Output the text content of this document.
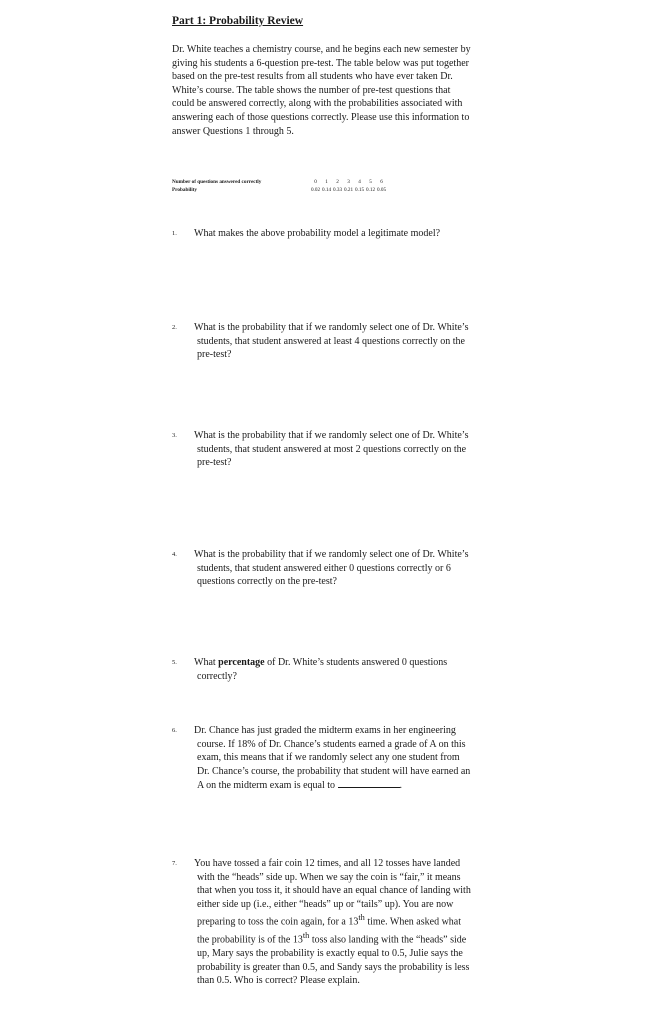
Part 1: Probability Review
Dr. White teaches a chemistry course, and he begins each new semester by giving his students a 6-question pre-test. The table below was put together based on the pre-test results from all students who have ever taken Dr. White’s course. The table shows the number of pre-test questions that could be answered correctly, along with the probabilities associated with answering each of those questions correctly. Please use this information to answer Questions 1 through 5.
Number of questions answered correctly	0	1	2	3	4	5	6
Probability	0.02	0.14	0.33	0.21	0.15	0.12	0.05
1. What makes the above probability model a legitimate model?
2. What is the probability that if we randomly select one of Dr. White’s students, that student answered at least 4 questions correctly on the pre-test?
3. What is the probability that if we randomly select one of Dr. White’s students, that student answered at most 2 questions correctly on the pre-test?
4. What is the probability that if we randomly select one of Dr. White’s students, that student answered either 0 questions correctly or 6 questions correctly on the pre-test?
5. What percentage of Dr. White’s students answered 0 questions correctly?
6. Dr. Chance has just graded the midterm exams in her engineering course. If 18% of Dr. Chance’s students earned a grade of A on this exam, this means that if we randomly select any one student from Dr. Chance’s course, the probability that student will have earned an A on the midterm exam is equal to	.
7. You have tossed a fair coin 12 times, and all 12 tosses have landed with the “heads” side up. When we say the coin is “fair,” it means that when you toss it, it should have an equal chance of landing with either side up (i.e., either “heads” up or “tails” up). You are now preparing to toss the coin again, for a 13th time. When asked what the probability is of the 13th toss also landing with the “heads” side up, Mary says the probability is exactly equal to 0.5, Julie says the probability is greater than 0.5, and Sandy says the probability is less than 0.5. Who is correct? Please explain.
